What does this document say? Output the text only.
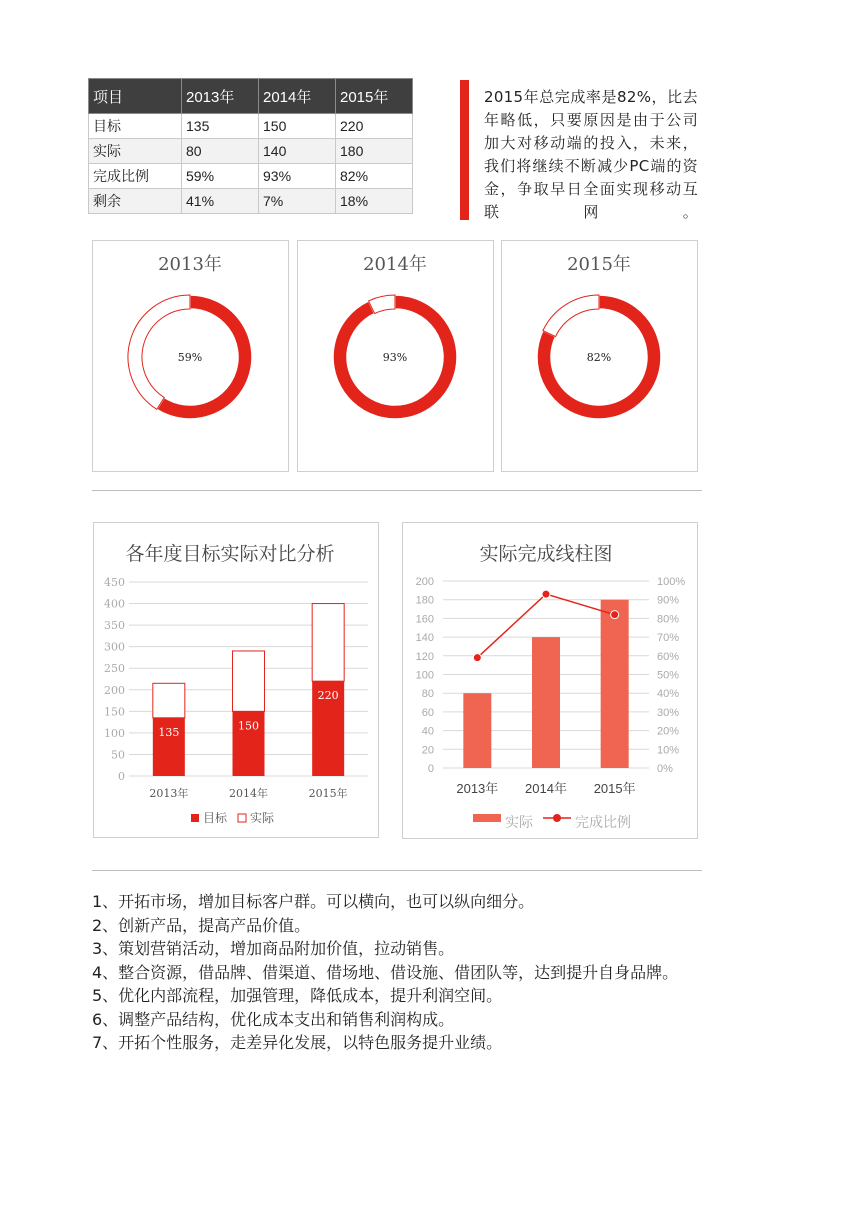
项目	2013年	2014年	2015年
目标	135	150	220
实际	80	140	180
完成比例	59%	93%	82%
剩余	41%	7%	18%
2015年总完成率是82%，比去年略低，只要原因是由于公司加大对移动端的投入，未来，我们将继续不断减少PC端的资金，争取早日全面实现移动互联网。
2013年
59%
2014年
93%
2015年
82%
各年度目标实际对比分析
0
50
100
150
200
250
300
350
400
450
135
2013年
150
2014年
220
2015年
目标 实际
实际完成线柱图
0
20
40
60
80
100
120
140
160
180
200
0%
10%
20%
30%
40%
50%
60%
70%
80%
90%
100%
2013年 2014年 2015年
实际	完成比例

1、开拓市场，增加目标客户群。可以横向，也可以纵向细分。

2、创新产品，提高产品价值。

3、策划营销活动，增加商品附加价值，拉动销售。

4、整合资源，借品牌、借渠道、借场地、借设施、借团队等，达到提升自身品牌。

5、优化内部流程，加强管理，降低成本，提升利润空间。

6、调整产品结构，优化成本支出和销售利润构成。

7、开拓个性服务，走差异化发展，以特色服务提升业绩。
